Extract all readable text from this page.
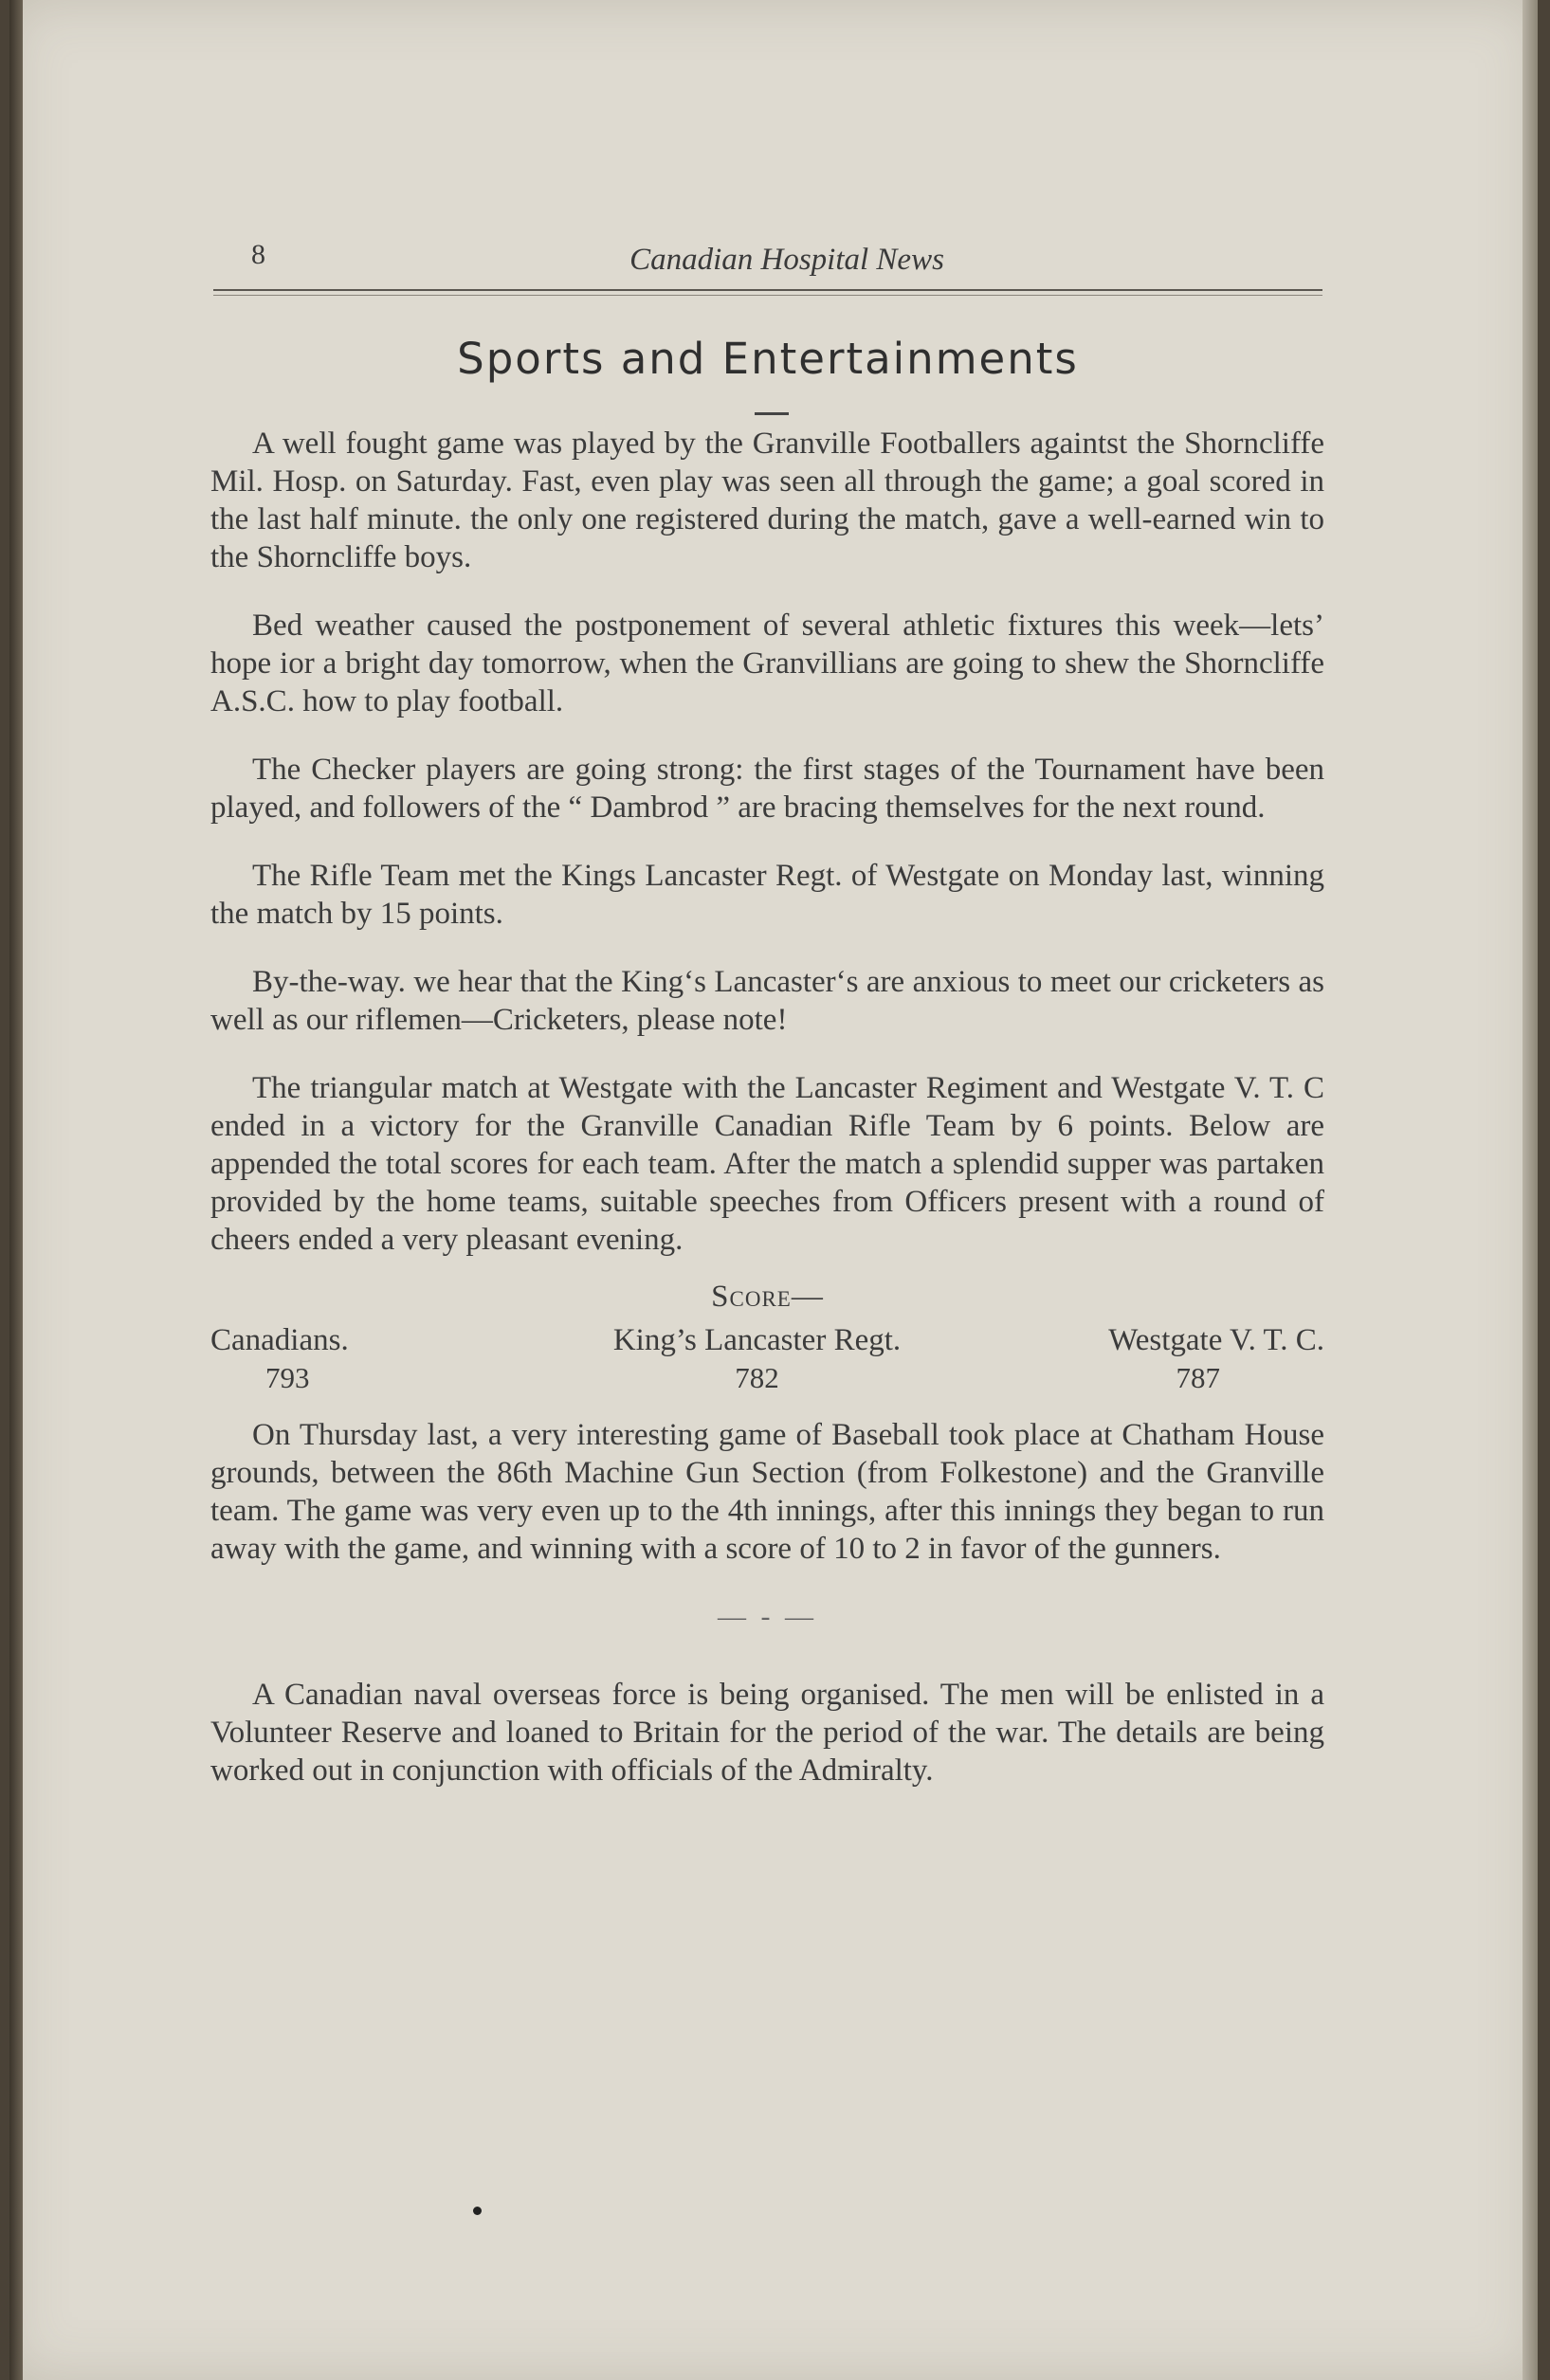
8	Canadian Hospital News
Sports and Entertainments

A well fought game was played by the Granville Footballers againtst the Shorncliffe Mil. Hosp. on Saturday. Fast, even play was seen all through the game; a goal scored in the last half minute. the only one registered during the match, gave a well-earned win to the Shorncliffe boys.

Bed weather caused the postponement of several athletic fixtures this week—lets’ hope ior a bright day tomorrow, when the Granvillians are going to shew the Shorncliffe A.S.C. how to play football.

The Checker players are going strong: the first stages of the Tournament have been played, and followers of the “ Dambrod ” are bracing themselves for the next round.

The Rifle Team met the Kings Lancaster Regt. of Westgate on Monday last, winning the match by 15 points.

By-the-way. we hear that the King‘s Lancaster‘s are anxious to meet our cricketers as well as our riflemen—Cricketers, please note!

The triangular match at Westgate with the Lancaster Regiment and Westgate V. T. C ended in a victory for the Granville Canadian Rifle Team by 6 points. Below are appended the total scores for each team. After the match a splendid supper was partaken provided by the home teams, suitable speeches from Officers present with a round of cheers ended a very pleasant evening.

Score—
Canadians.
793
King’s Lancaster Regt.
782
Westgate V. T. C.
787

On Thursday last, a very interesting game of Baseball took place at Chatham House grounds, between the 86th Machine Gun Section (from Folkestone) and the Granville team. The game was very even up to the 4th innings, after this innings they began to run away with the game, and winning with a score of 10 to 2 in favor of the gunners.

— - —

A Canadian naval overseas force is being organised. The men will be enlisted in a Volunteer Reserve and loaned to Britain for the period of the war. The details are being worked out in conjunction with officials of the Admiralty.
